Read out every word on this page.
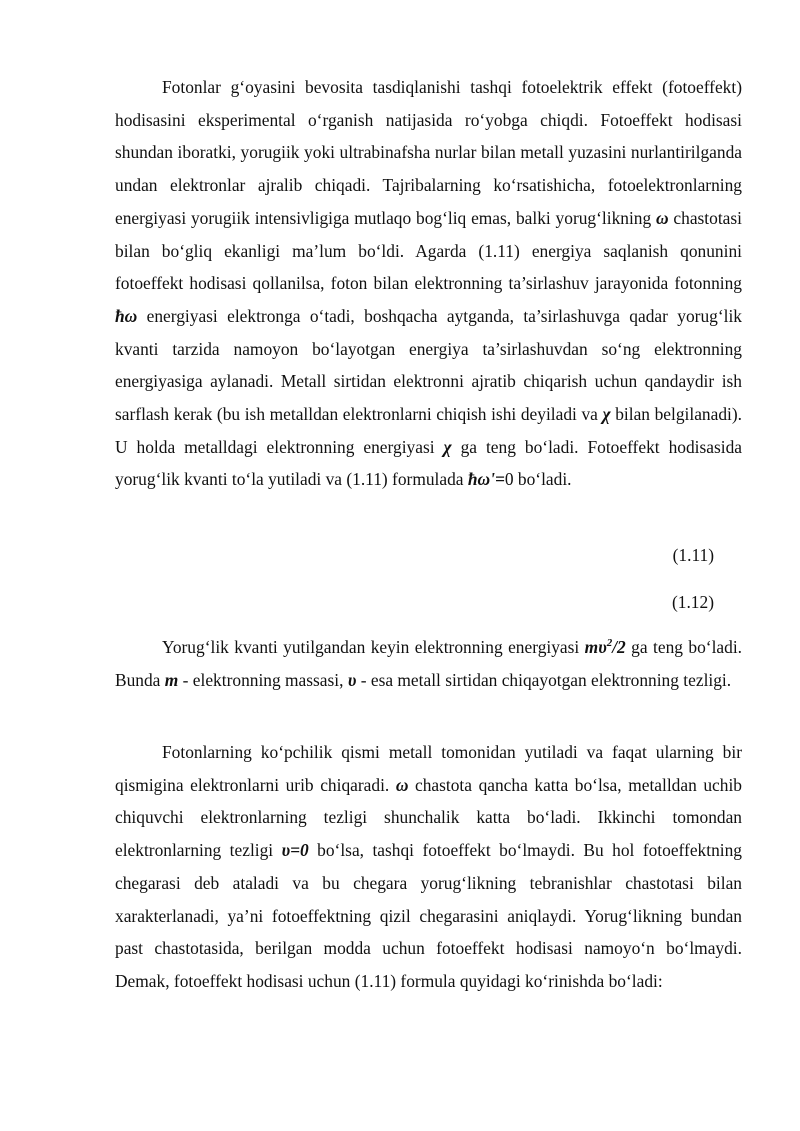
Fotonlar g‘oyasini bevosita tasdiqlanishi tashqi fotoelektrik effekt (fotoeffekt) hodisasini eksperimental o‘rganish natijasida ro‘yobga chiqdi. Fotoeffekt hodisasi shundan iboratki, yorugiik yoki ultrabinafsha nurlar bilan metall yuzasini nurlantirilganda undan elektronlar ajralib chiqadi. Tajribalarning ko‘rsatishicha, fotoelektronlarning energiyasi yorugiik intensivligiga mutlaqo bog‘liq emas, balki yorug‘likning ω chastotasi bilan bo‘gliq ekanligi ma’lum bo‘ldi. Agarda (1.11) energiya saqlanish qonunini fotoeffekt hodisasi qollanilsa, foton bilan elektronning ta’sirlashuv jarayonida fotonning ħω energiyasi elektronga o‘tadi, boshqacha aytganda, ta’sirlashuvga qadar yorug‘lik kvanti tarzida namoyon bo‘layotgan energiya ta’sirlashuvdan so‘ng elektronning energiyasiga aylanadi. Metall sirtidan elektronni ajratib chiqarish uchun qandaydir ish sarflash kerak (bu ish metalldan elektronlarni chiqish ishi deyiladi va χ bilan belgilanadi). U holda metalldagi elektronning energiyasi χ ga teng bo‘ladi. Fotoeffekt hodisasida yorug‘lik kvanti to‘la yutiladi va (1.11) formulada ħω'=0 bo‘ladi.

(1.11)

(1.12)

Yorug‘lik kvanti yutilgandan keyin elektronning energiyasi $m\upsilon^2/2$ ga teng bo‘ladi. Bunda m - elektronning massasi, υ - esa metall sirtidan chiqayotgan elektronning tezligi.

Fotonlarning ko‘pchilik qismi metall tomonidan yutiladi va faqat ularning bir qismigina elektronlarni urib chiqaradi. ω chastota qancha katta bo‘lsa, metalldan uchib chiquvchi elektronlarning tezligi shunchalik katta bo‘ladi. Ikkinchi tomondan elektronlarning tezligi υ=0 bo‘lsa, tashqi fotoeffekt bo‘lmaydi. Bu hol fotoeffektning chegarasi deb ataladi va bu chegara yorug‘likning tebranishlar chastotasi bilan xarakterlanadi, ya’ni fotoeffektning qizil chegarasini aniqlaydi. Yorug‘likning bundan past chastotasida, berilgan modda uchun fotoeffekt hodisasi namoyo‘n bo‘lmaydi. Demak, fotoeffekt hodisasi uchun (1.11) formula quyidagi ko‘rinishda bo‘ladi:
